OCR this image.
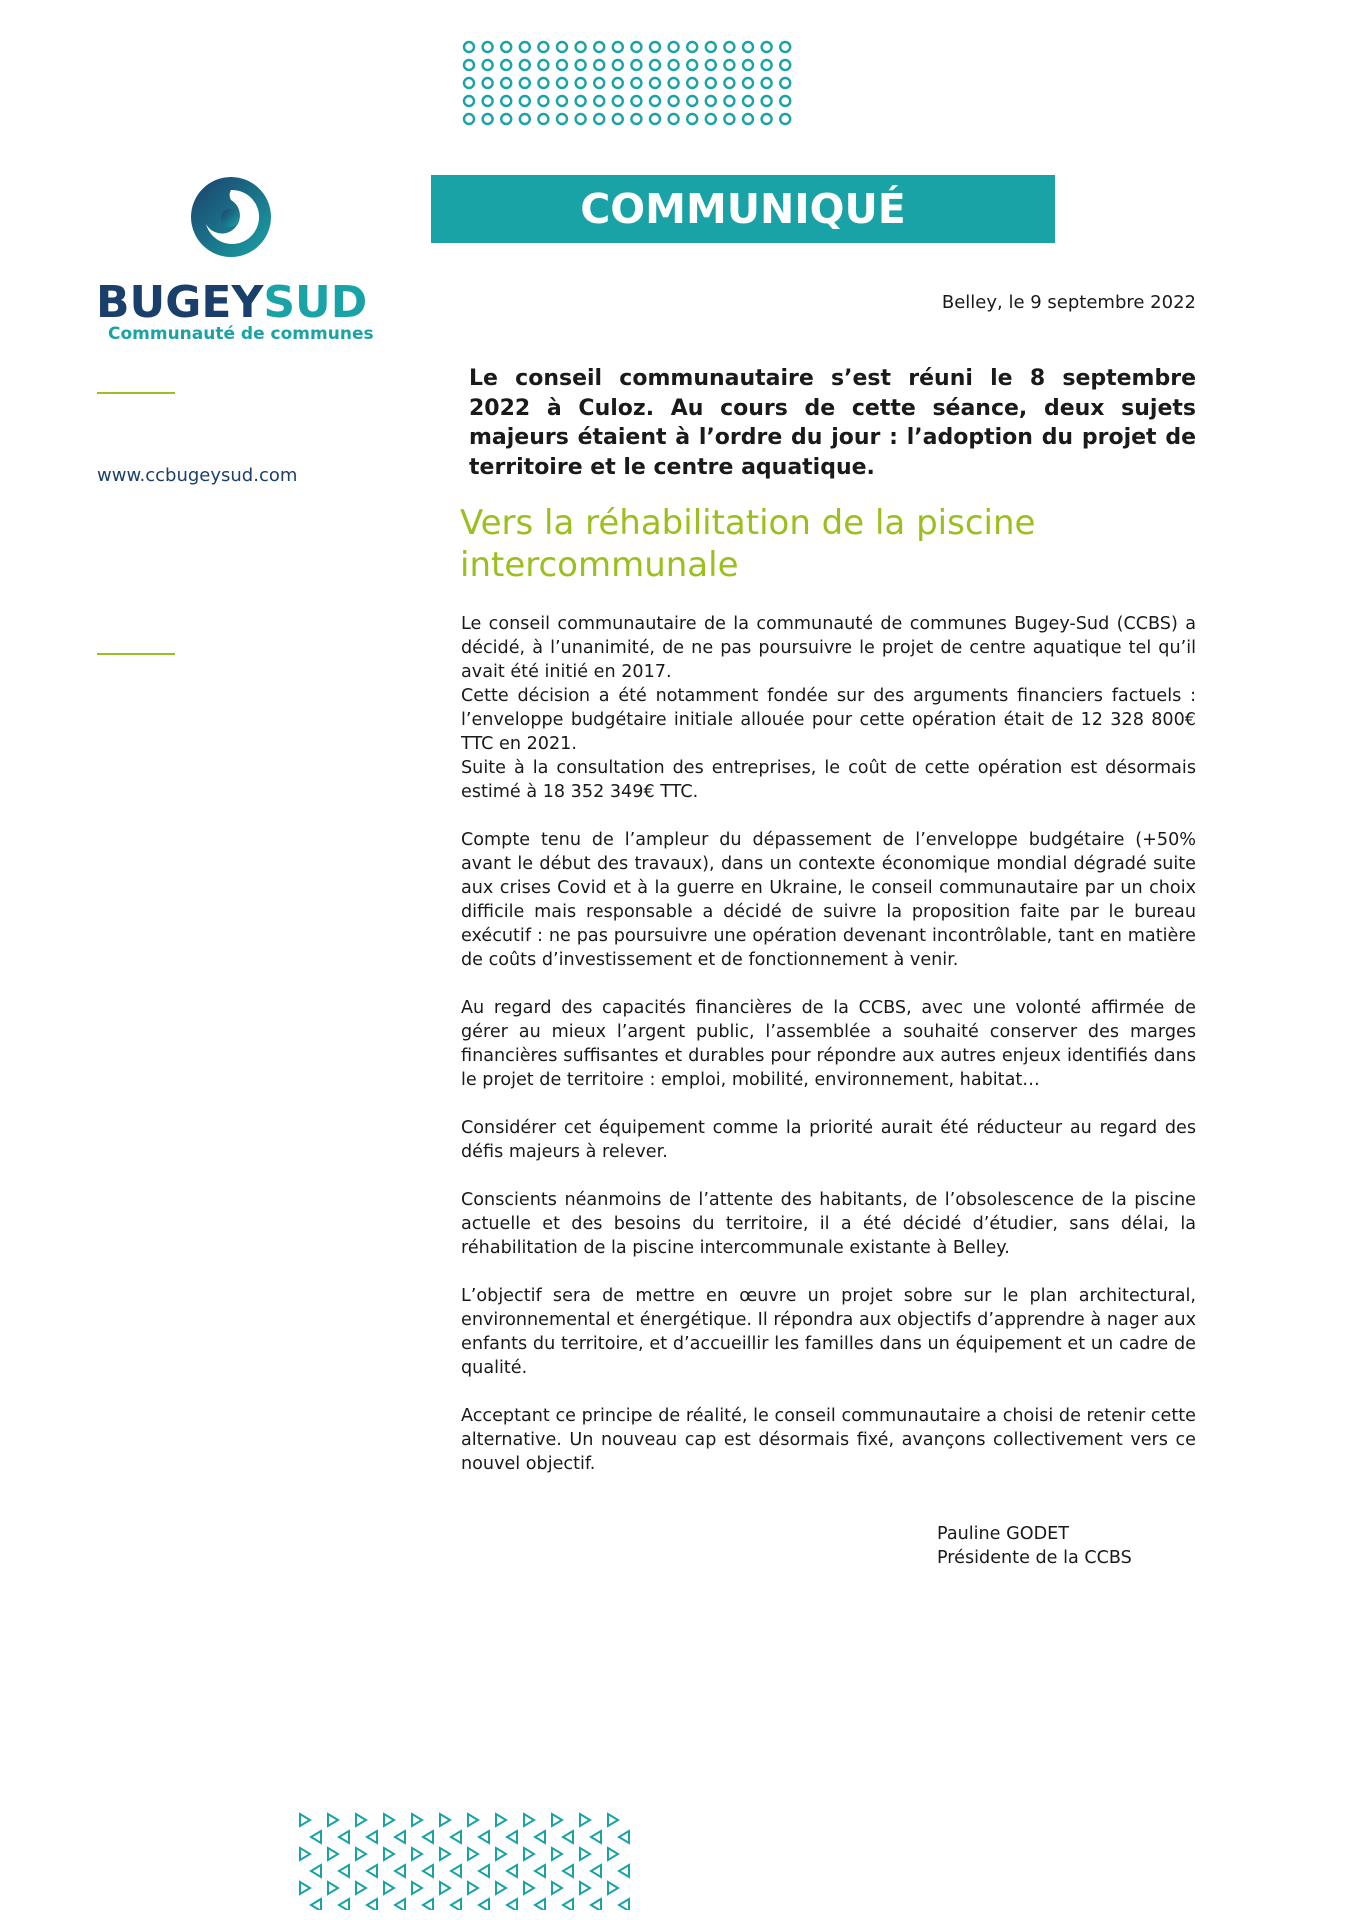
BUGEYSUD
Communauté de communes
www.ccbugeysud.com
COMMUNIQUÉ
Belley, le 9 septembre 2022
Le conseil communautaire s’est réuni le 8 septembre 2022 à Culoz. Au cours de cette séance, deux sujets majeurs étaient à l’ordre du jour : l’adoption du projet de territoire et le centre aquatique.
Vers la réhabilitation de la piscine intercommunale

Le conseil communautaire de la communauté de communes Bugey-Sud (CCBS) a décidé, à l’unanimité, de ne pas poursuivre le projet de centre aquatique tel qu’il avait été initié en 2017.

Cette décision a été notamment fondée sur des arguments financiers factuels : l’enveloppe budgétaire initiale allouée pour cette opération était de 12 328 800€ TTC en 2021.

Suite à la consultation des entreprises, le coût de cette opération est désormais estimé à 18 352 349€ TTC.

Compte tenu de l’ampleur du dépassement de l’enveloppe budgétaire (+50% avant le début des travaux), dans un contexte économique mondial dégradé suite aux crises Covid et à la guerre en Ukraine, le conseil communautaire par un choix difficile mais responsable a décidé de suivre la proposition faite par le bureau exécutif : ne pas poursuivre une opération devenant incontrôlable, tant en matière de coûts d’investissement et de fonctionnement à venir.

Au regard des capacités financières de la CCBS, avec une volonté affirmée de gérer au mieux l’argent public, l’assemblée a souhaité conserver des marges financières suffisantes et durables pour répondre aux autres enjeux identifiés dans le projet de territoire : emploi, mobilité, environnement, habitat…

Considérer cet équipement comme la priorité aurait été réducteur au regard des défis majeurs à relever.

Conscients néanmoins de l’attente des habitants, de l’obsolescence de la piscine actuelle et des besoins du territoire, il a été décidé d’étudier, sans délai, la réhabilitation de la piscine intercommunale existante à Belley.

L’objectif sera de mettre en œuvre un projet sobre sur le plan architectural, environnemental et énergétique. Il répondra aux objectifs d’apprendre à nager aux enfants du territoire, et d’accueillir les familles dans un équipement et un cadre de qualité.

Acceptant ce principe de réalité, le conseil communautaire a choisi de retenir cette alternative. Un nouveau cap est désormais fixé, avançons collectivement vers ce nouvel objectif.

Pauline GODET
Présidente de la CCBS
